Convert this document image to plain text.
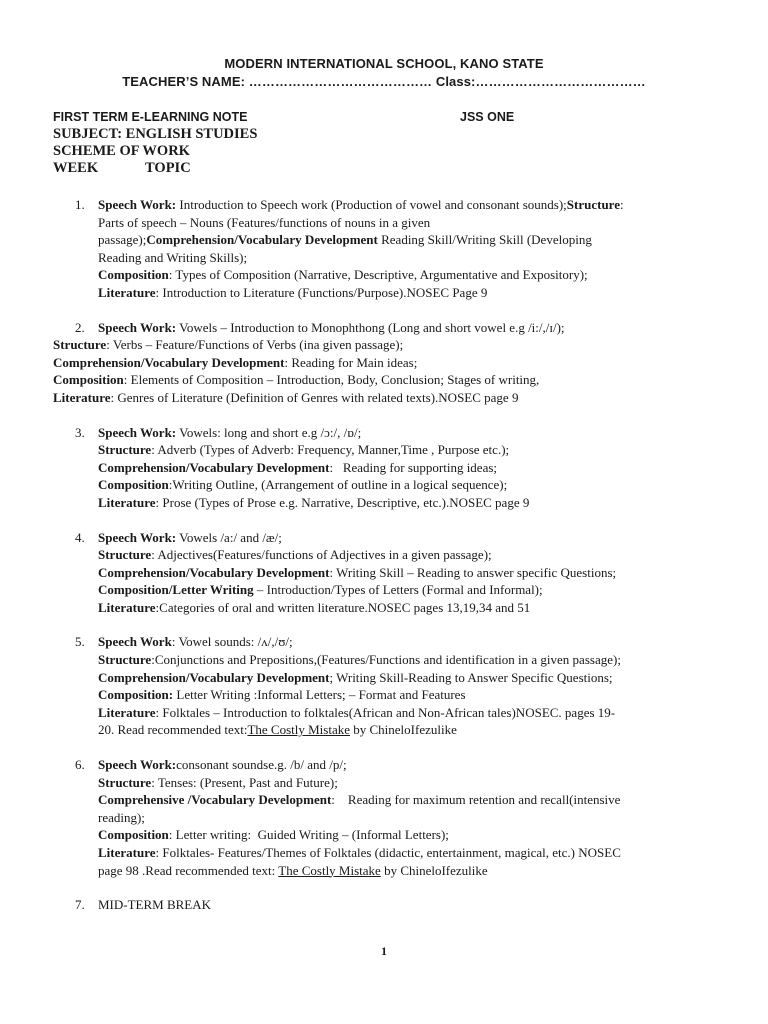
MODERN INTERNATIONAL SCHOOL, KANO STATE
TEACHER’S NAME: …………………………………… Class:…………………………………
FIRST TERM E-LEARNING NOTE	JSS ONE
SUBJECT: ENGLISH STUDIES
SCHEME OF WORK
WEEK	TOPIC
1.	Speech Work: Introduction to Speech work (Production of vowel and consonant sounds);Structure:
Parts of speech – Nouns (Features/functions of nouns in a given
passage);Comprehension/Vocabulary Development Reading Skill/Writing Skill (Developing
Reading and Writing Skills);
Composition: Types of Composition (Narrative, Descriptive, Argumentative and Expository);
Literature: Introduction to Literature (Functions/Purpose).NOSEC Page 9
2.	Speech Work: Vowels – Introduction to Monophthong (Long and short vowel e.g /i:/,/ɪ/);
Structure: Verbs – Feature/Functions of Verbs (ina given passage);
Comprehension/Vocabulary Development: Reading for Main ideas;
Composition: Elements of Composition – Introduction, Body, Conclusion; Stages of writing,
Literature: Genres of Literature (Definition of Genres with related texts).NOSEC page 9
3.	Speech Work: Vowels: long and short e.g /ɔ:/, /ɒ/;
Structure: Adverb (Types of Adverb: Frequency, Manner,Time , Purpose etc.);
Comprehension/Vocabulary Development:   Reading for supporting ideas;
Composition:Writing Outline, (Arrangement of outline in a logical sequence);
Literature: Prose (Types of Prose e.g. Narrative, Descriptive, etc.).NOSEC page 9
4.	Speech Work: Vowels /a:/ and /æ/;
Structure: Adjectives(Features/functions of Adjectives in a given passage);
Comprehension/Vocabulary Development: Writing Skill – Reading to answer specific Questions;
Composition/Letter Writing – Introduction/Types of Letters (Formal and Informal);
Literature:Categories of oral and written literature.NOSEC pages 13,19,34 and 51
5.	Speech Work: Vowel sounds: /ʌ/,/ʊ/;
Structure:Conjunctions and Prepositions,(Features/Functions and identification in a given passage);
Comprehension/Vocabulary Development; Writing Skill-Reading to Answer Specific Questions;
Composition: Letter Writing :Informal Letters; – Format and Features
Literature: Folktales – Introduction to folktales(African and Non-African tales)NOSEC. pages 19-
20. Read recommended text:The Costly Mistake by ChineloIfezulike
6.	Speech Work:consonant soundse.g. /b/ and /p/;
Structure: Tenses: (Present, Past and Future);
Comprehensive /Vocabulary Development:    Reading for maximum retention and recall(intensive
reading);
Composition: Letter writing:  Guided Writing – (Informal Letters);
Literature: Folktales- Features/Themes of Folktales (didactic, entertainment, magical, etc.) NOSEC
page 98 .Read recommended text: The Costly Mistake by ChineloIfezulike
7.	MID-TERM BREAK
1
